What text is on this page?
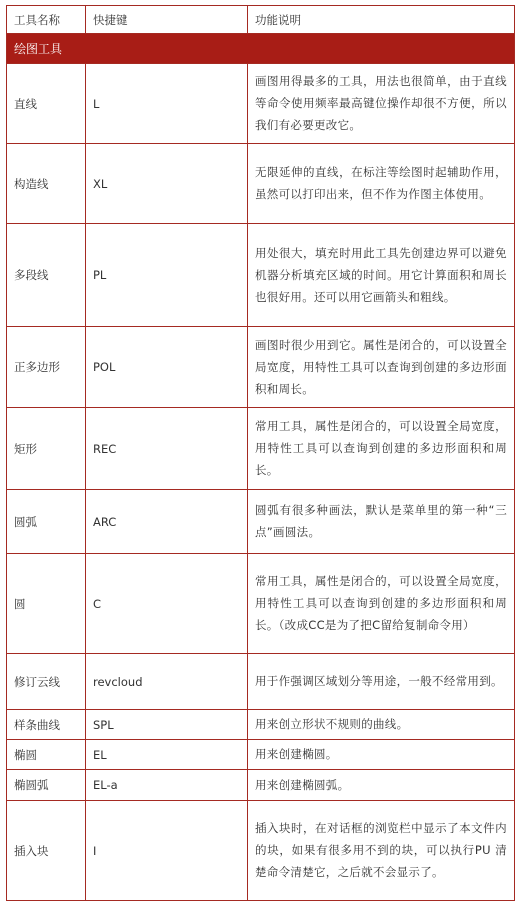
工具名称	快捷键	功能说明
绘图工具		
直线	L	画图用得最多的工具，用法也很简单，由于直线等命令使用频率最高键位操作却很不方便，所以我们有必要更改它。
构造线	XL	无限延伸的直线，在标注等绘图时起辅助作用，虽然可以打印出来，但不作为作图主体使用。
多段线	PL	用处很大，填充时用此工具先创建边界可以避免机器分析填充区域的时间。用它计算面积和周长也很好用。还可以用它画箭头和粗线。
正多边形	POL	画图时很少用到它。属性是闭合的，可以设置全局宽度，用特性工具可以查询到创建的多边形面积和周长。
矩形	REC	常用工具，属性是闭合的，可以设置全局宽度，用特性工具可以查询到创建的多边形面积和周长。
圆弧	ARC	圆弧有很多种画法，默认是菜单里的第一种“三点”画圆法。
圆	C	常用工具，属性是闭合的，可以设置全局宽度，用特性工具可以查询到创建的多边形面积和周长。（改成CC是为了把C留给复制命令用）
修订云线	revcloud	用于作强调区域划分等用途，一般不经常用到。
样条曲线	SPL	用来创立形状不规则的曲线。
椭圆	EL	用来创建椭圆。
椭圆弧	EL-a	用来创建椭圆弧。
插入块	I	插入块时，在对话框的浏览栏中显示了本文件内的块，如果有很多用不到的块，可以执行PU 清楚命令清楚它，之后就不会显示了。
